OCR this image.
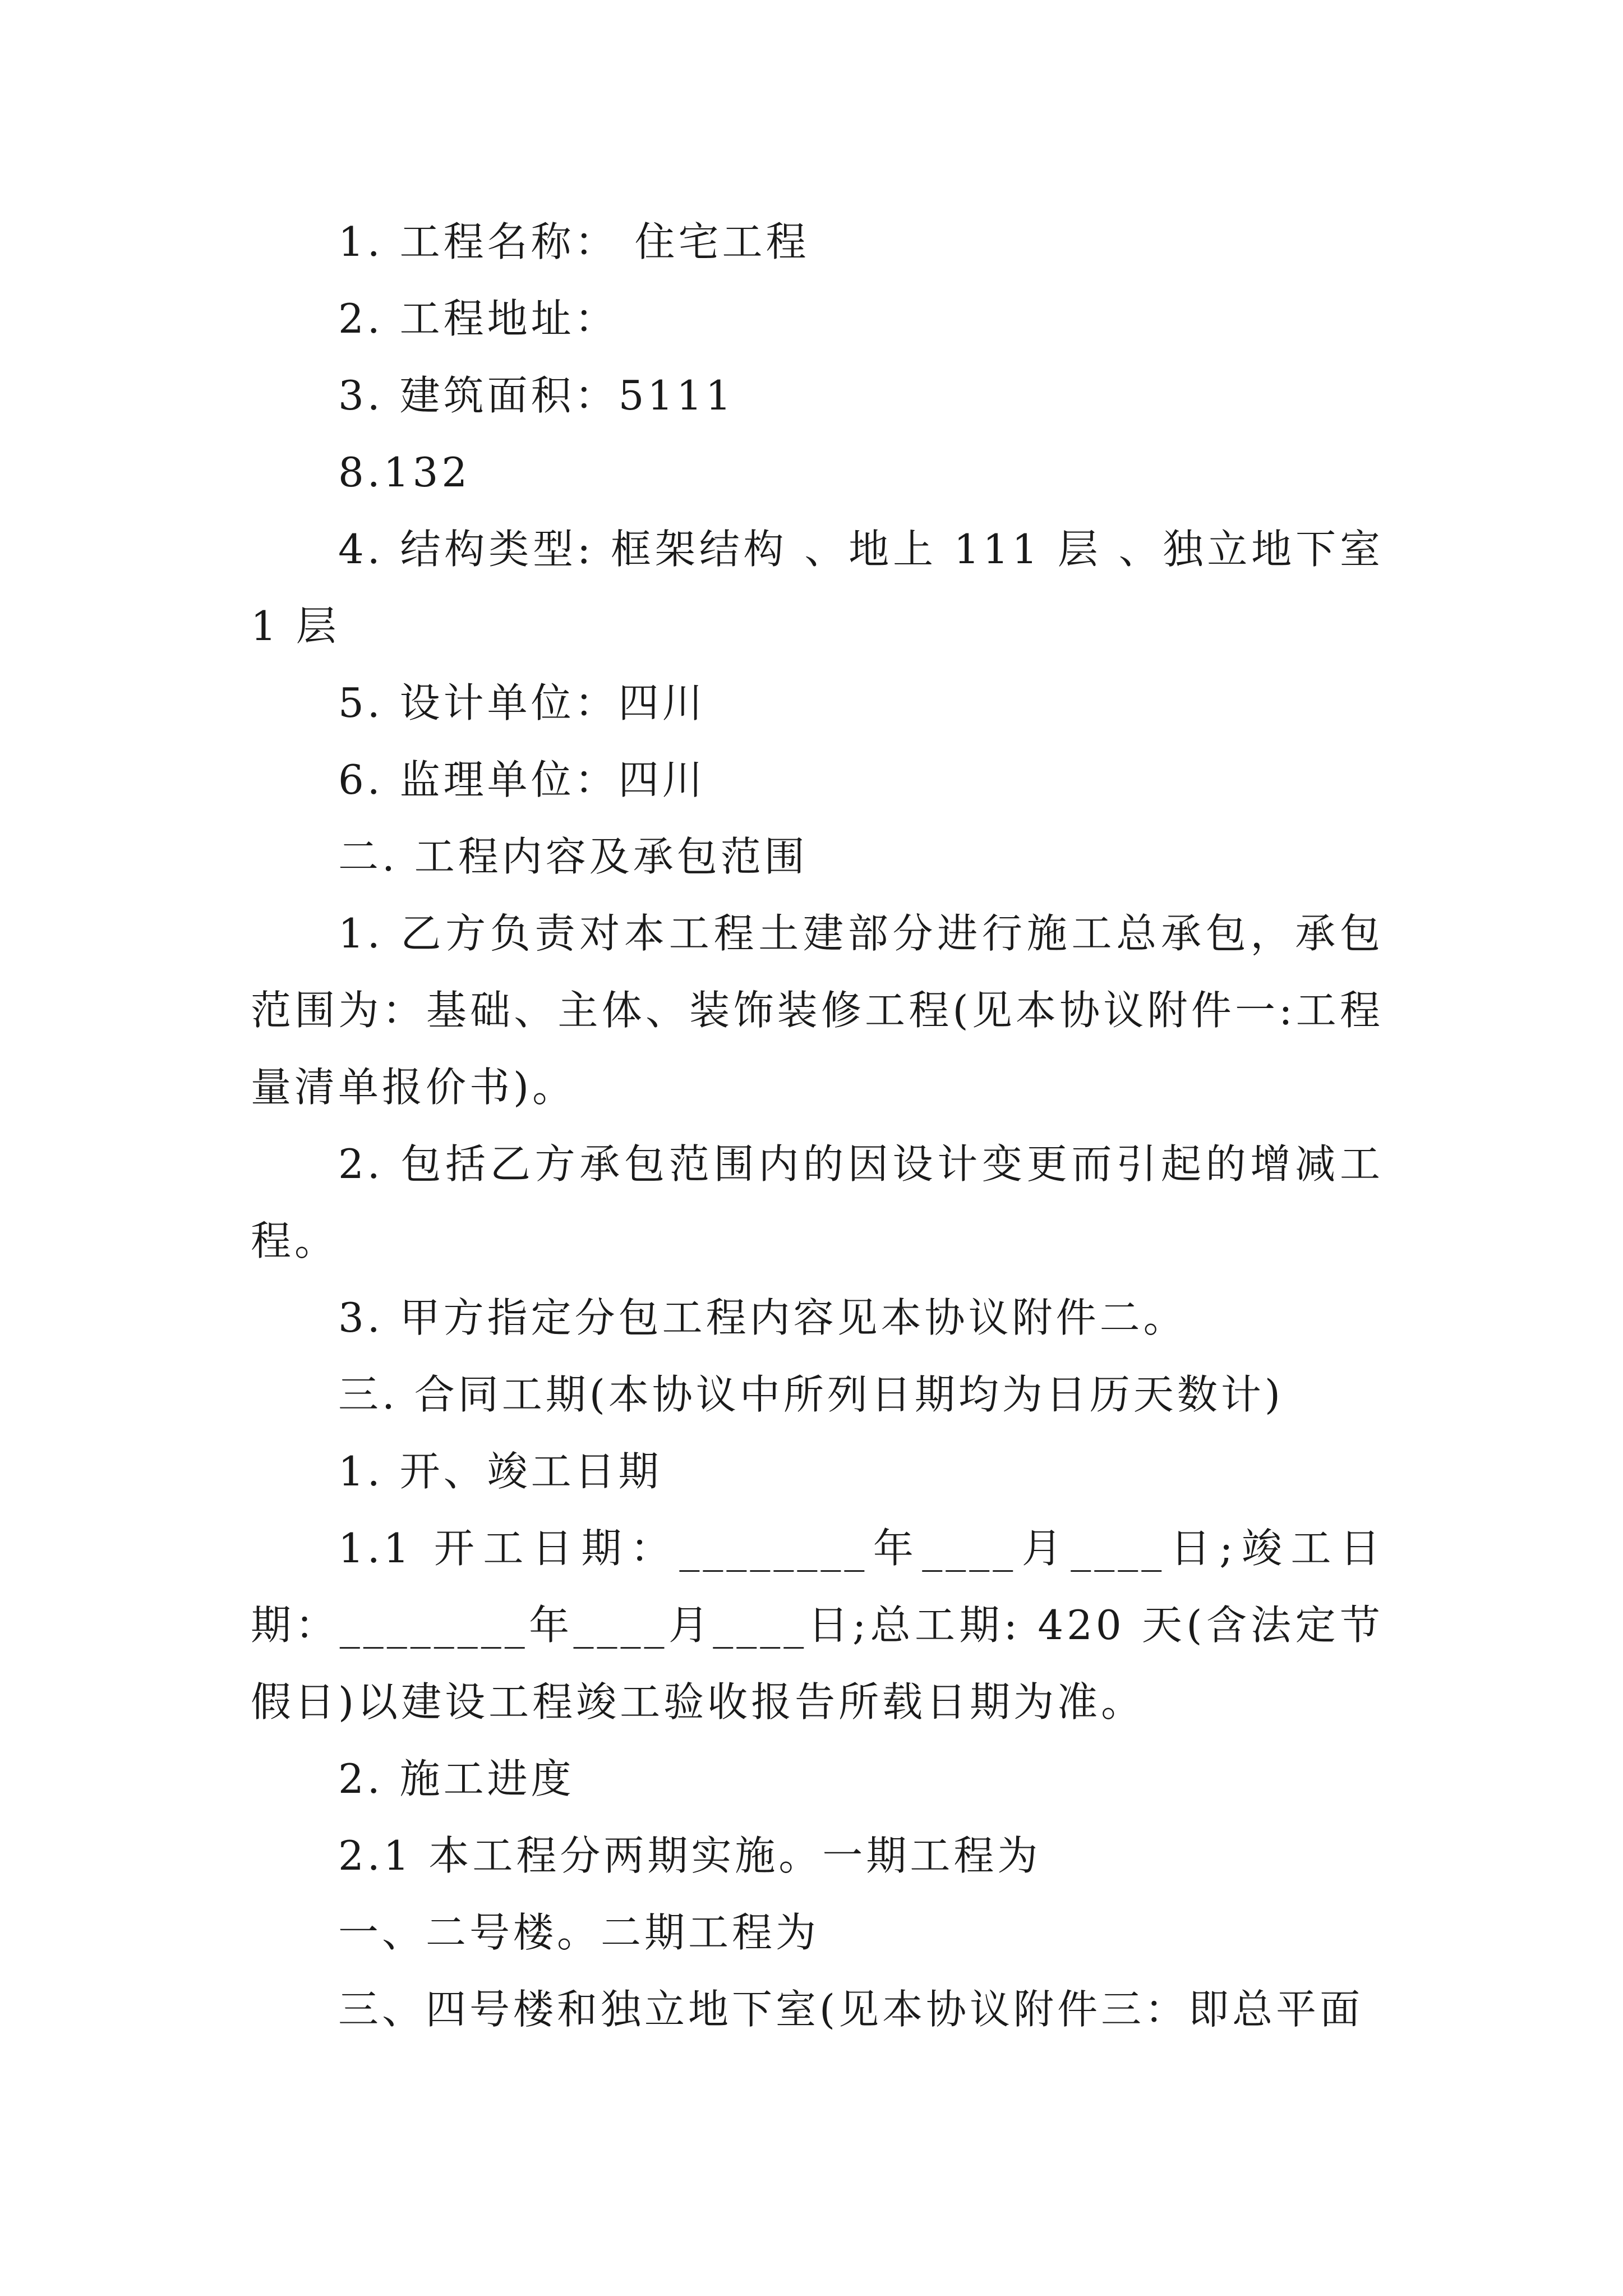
1. 工程名称： 住宅工程

2. 工程地址：

3. 建筑面积：5111

8.132

4. 结构类型: 框架结构 、地上 111 层 、独立地下室 1 层

5. 设计单位：四川

6. 监理单位：四川

二. 工程内容及承包范围

1. 乙方负责对本工程土建部分进行施工总承包，承包范围为：基础、主体、装饰装修工程(见本协议附件一:工程量清单报价书)。

2. 包括乙方承包范围内的因设计变更而引起的增减工程。

3. 甲方指定分包工程内容见本协议附件二。

三. 合同工期(本协议中所列日期均为日历天数计)

1. 开、竣工日期

1.1 开工日期：________年____月____日;竣工日期：________年____月____日;总工期: 420 天(含法定节假日)以建设工程竣工验收报告所载日期为准。

2. 施工进度

2.1 本工程分两期实施。一期工程为

一、二号楼。二期工程为

三、四号楼和独立地下室(见本协议附件三：即总平面
